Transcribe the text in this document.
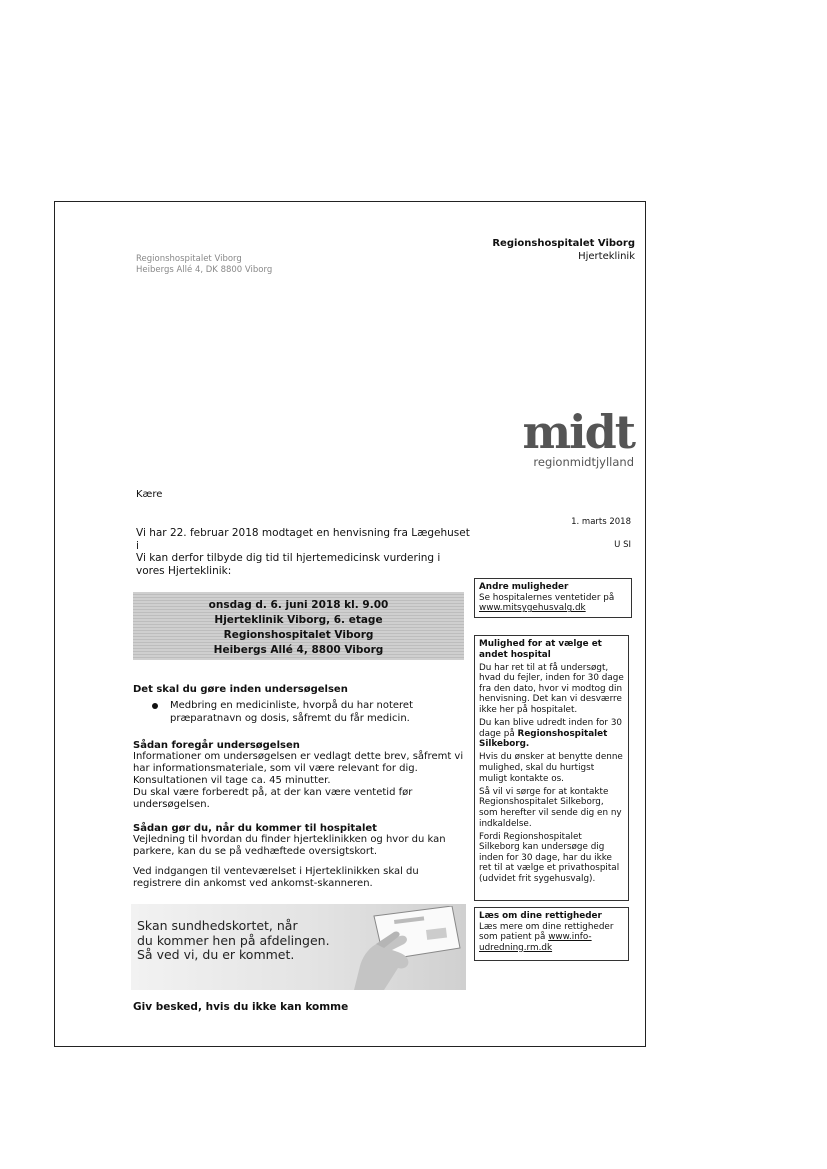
Regionshospitalet Viborg
Heibergs Allé 4, DK 8800 Viborg
Regionshospitalet Viborg
Hjerteklinik
midt
regionmidtjylland
Kære
1. marts 2018
U SI
Vi har 22. februar 2018 modtaget en henvisning fra Lægehuset
i
Vi kan derfor tilbyde dig tid til hjertemedicinsk vurdering i vores Hjerteklinik:
onsdag d. 6. juni 2018 kl. 9.00
Hjerteklinik Viborg, 6. etage
Regionshospitalet Viborg
Heibergs Allé 4, 8800 Viborg
Det skal du gøre inden undersøgelsen
Medbring en medicinliste, hvorpå du har noteret præparatnavn og dosis, såfremt du får medicin.
Sådan foregår undersøgelsen
Informationer om undersøgelsen er vedlagt dette brev, såfremt vi har informationsmateriale, som vil være relevant for dig. Konsultationen vil tage ca. 45 minutter.
Du skal være forberedt på, at der kan være ventetid før undersøgelsen.
Sådan gør du, når du kommer til hospitalet
Vejledning til hvordan du finder hjerteklinikken og hvor du kan parkere, kan du se på vedhæftede oversigtskort.
Ved indgangen til venteværelset i Hjerteklinikken skal du registrere din ankomst ved ankomst-skanneren.
Skan sundhedskortet, når
du kommer hen på afdelingen.
Så ved vi, du er kommet.
Giv besked, hvis du ikke kan komme
Andre muligheder
Se hospitalernes ventetider på
www.mitsygehusvalg.dk

Mulighed for at vælge et andet hospital

Du har ret til at få undersøgt, hvad du fejler, inden for 30 dage fra den dato, hvor vi modtog din henvisning. Det kan vi desværre ikke her på hospitalet.

Du kan blive udredt inden for 30 dage på Regionshospitalet Silkeborg.

Hvis du ønsker at benytte denne mulighed, skal du hurtigst muligt kontakte os.

Så vil vi sørge for at kontakte Regionshospitalet Silkeborg, som herefter vil sende dig en ny indkaldelse.

Fordi Regionshospitalet Silkeborg kan undersøge dig inden for 30 dage, har du ikke ret til at vælge et privathospital (udvidet frit sygehusvalg).

Læs om dine rettigheder
Læs mere om dine rettigheder som patient på www.info-udredning.rm.dk
